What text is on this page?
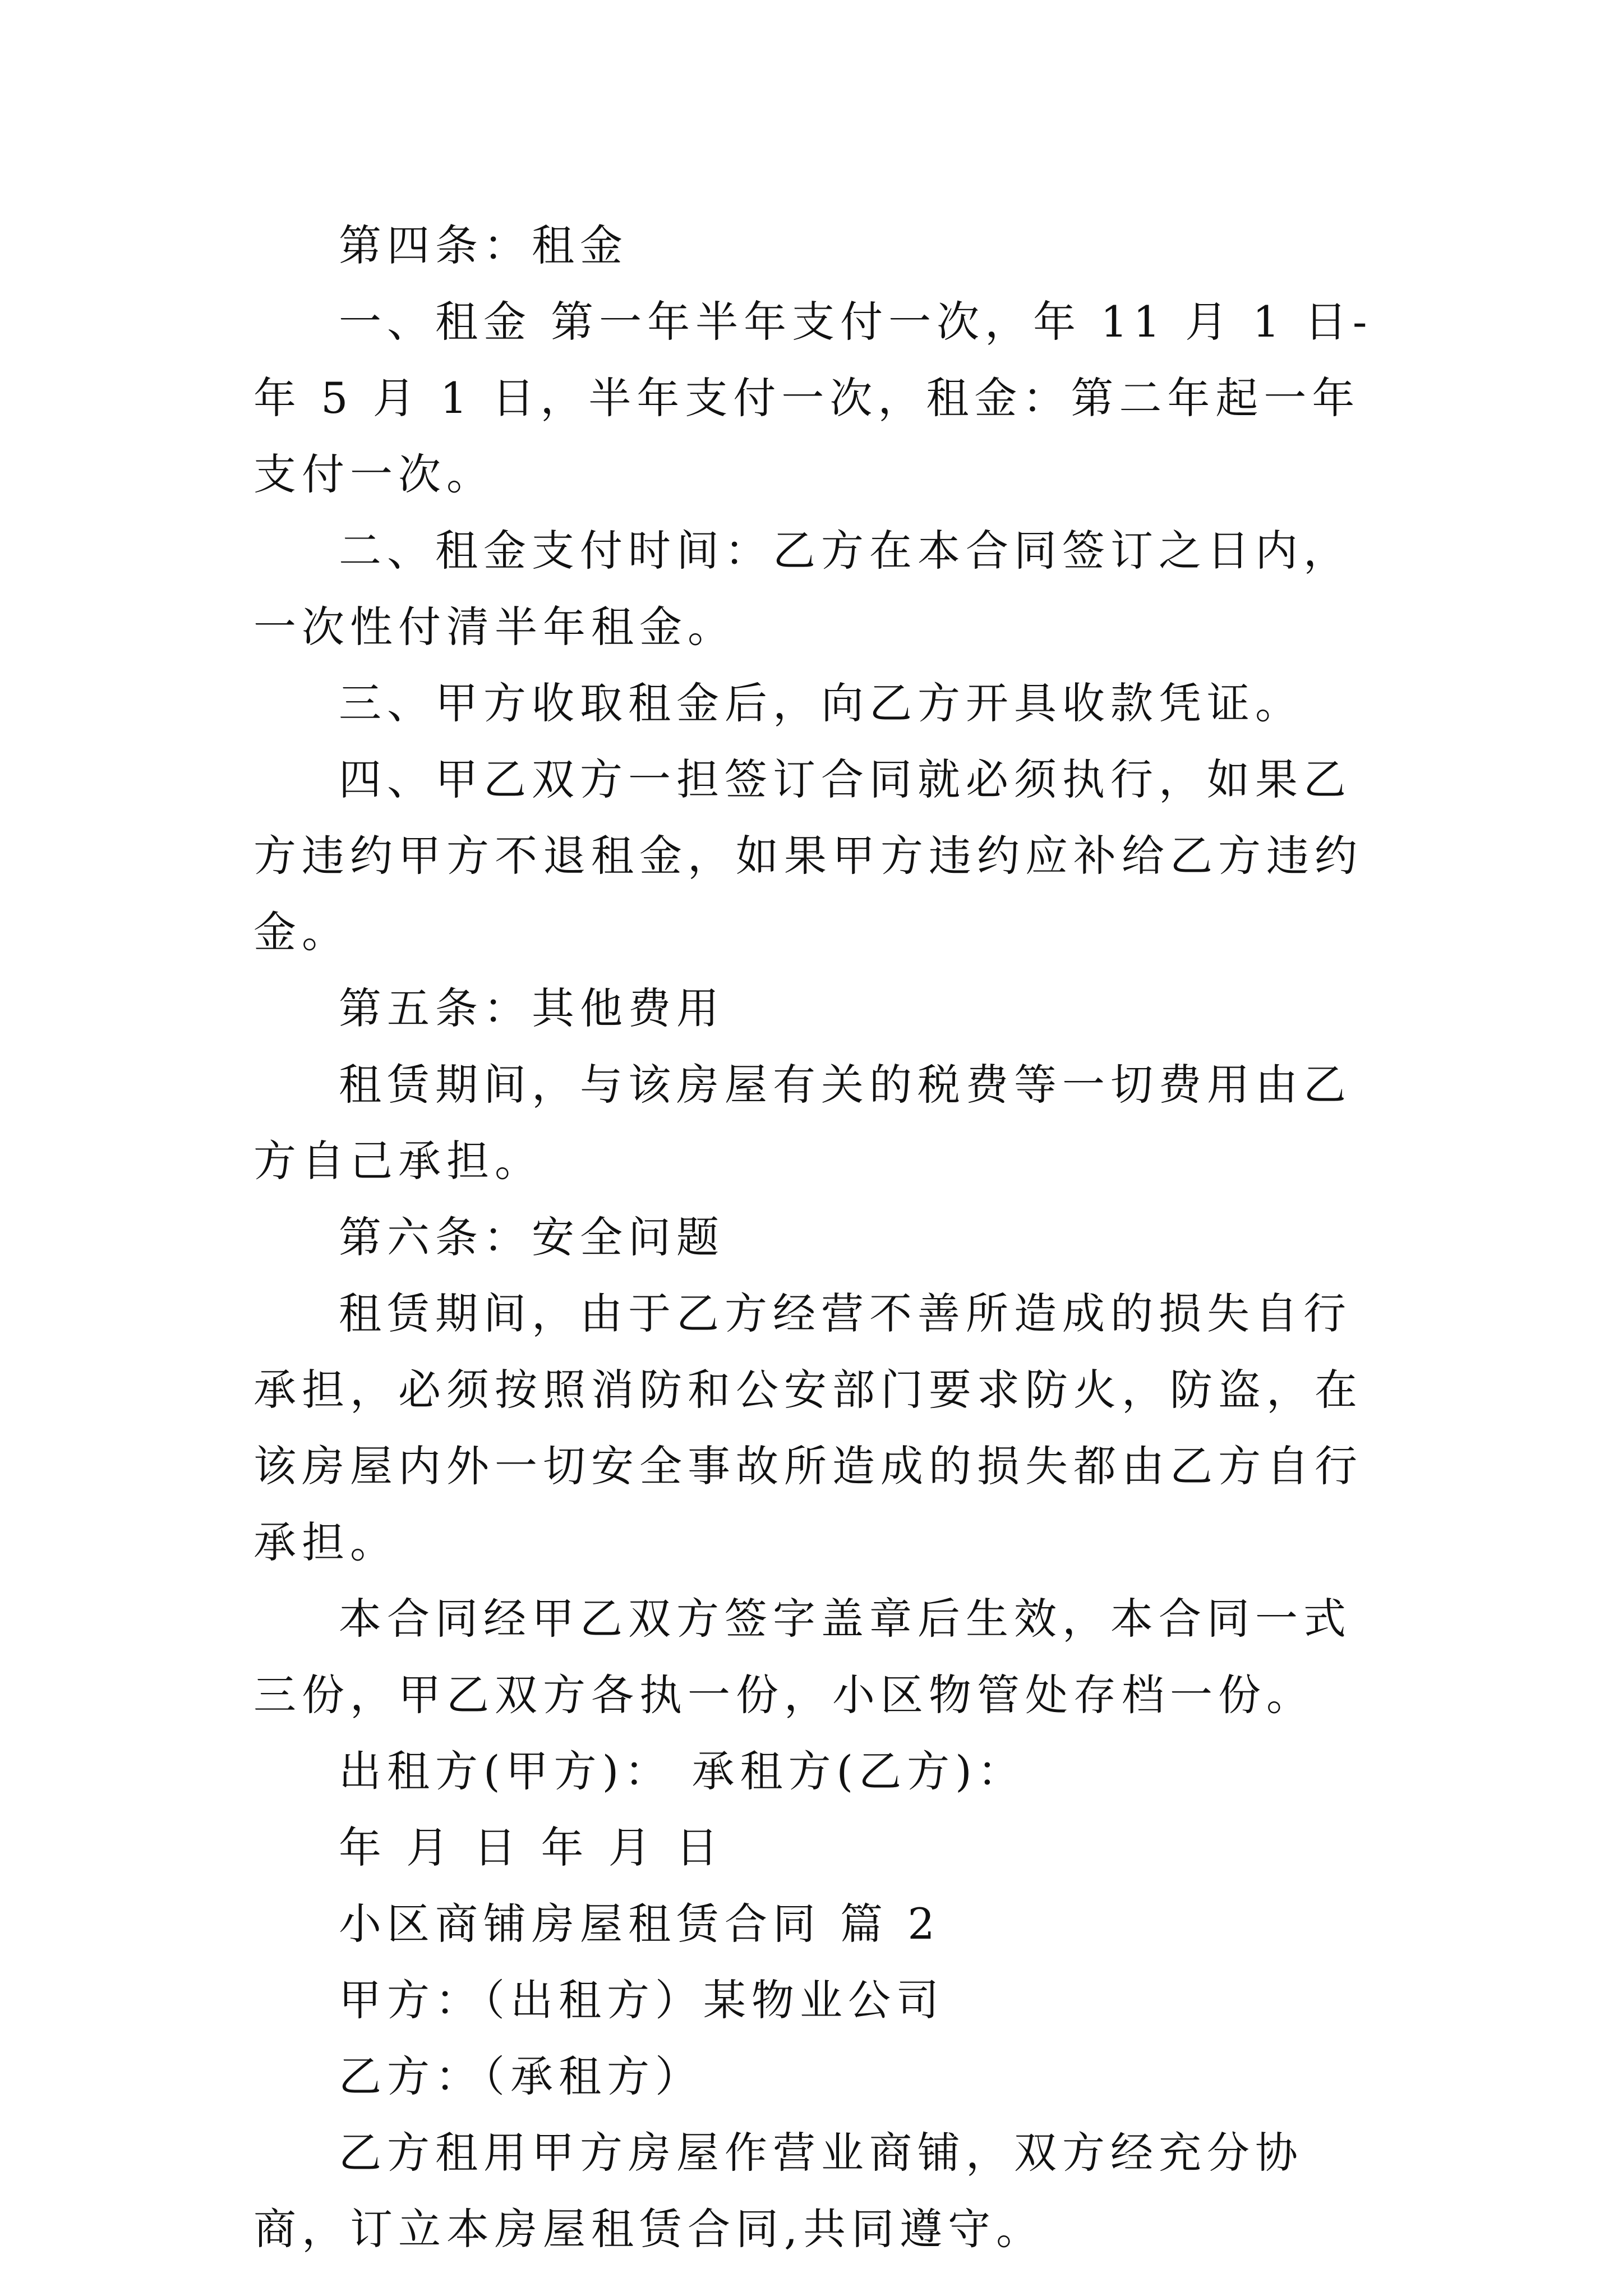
第四条：租金

一、租金 第一年半年支付一次，年 11 月 1 日-年 5 月 1 日，半年支付一次，租金：第二年起一年支付一次。

二、租金支付时间：乙方在本合同签订之日内，一次性付清半年租金。

三、甲方收取租金后，向乙方开具收款凭证。

四、甲乙双方一担签订合同就必须执行，如果乙方违约甲方不退租金，如果甲方违约应补给乙方违约金。

第五条：其他费用

租赁期间，与该房屋有关的税费等一切费用由乙方自己承担。

第六条：安全问题

租赁期间，由于乙方经营不善所造成的损失自行承担，必须按照消防和公安部门要求防火，防盗，在该房屋内外一切安全事故所造成的损失都由乙方自行承担。

本合同经甲乙双方签字盖章后生效，本合同一式三份，甲乙双方各执一份，小区物管处存档一份。

出租方(甲方)： 承租方(乙方)：

年 月 日 年 月 日

小区商铺房屋租赁合同 篇 2

甲方：（出租方）某物业公司

乙方：（承租方）

乙方租用甲方房屋作营业商铺，双方经充分协商，订立本房屋租赁合同,共同遵守。
